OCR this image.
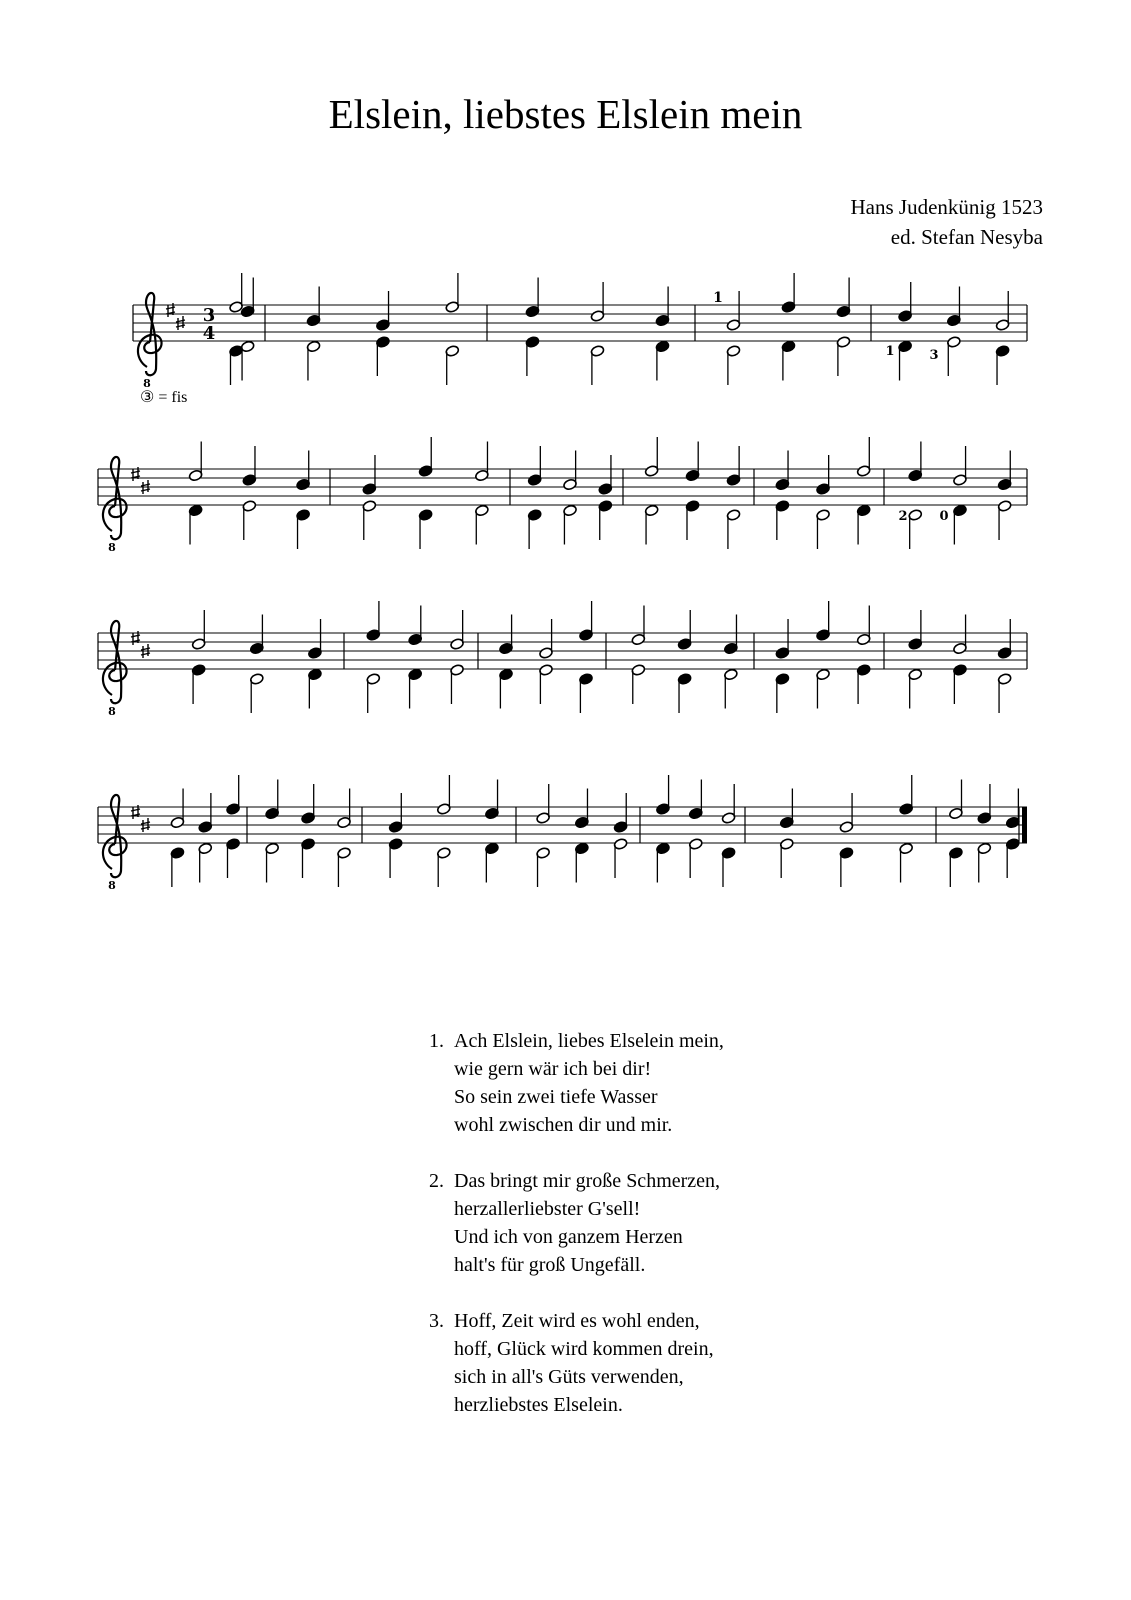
Elslein, liebstes Elslein mein
Hans Judenkünig 1523
ed. Stefan Nesyba
8
3
4
8
8
8
1
1	3
2 0
③ = fis
1. Ach Elslein, liebes Elselein mein,
wie gern wär ich bei dir!
So sein zwei tiefe Wasser
wohl zwischen dir und mir.
2. Das bringt mir große Schmerzen,
herzallerliebster G'sell!
Und ich von ganzem Herzen
halt's für groß Ungefäll.
3. Hoff, Zeit wird es wohl enden,
hoff, Glück wird kommen drein,
sich in all's Güts verwenden,
herzliebstes Elselein.
